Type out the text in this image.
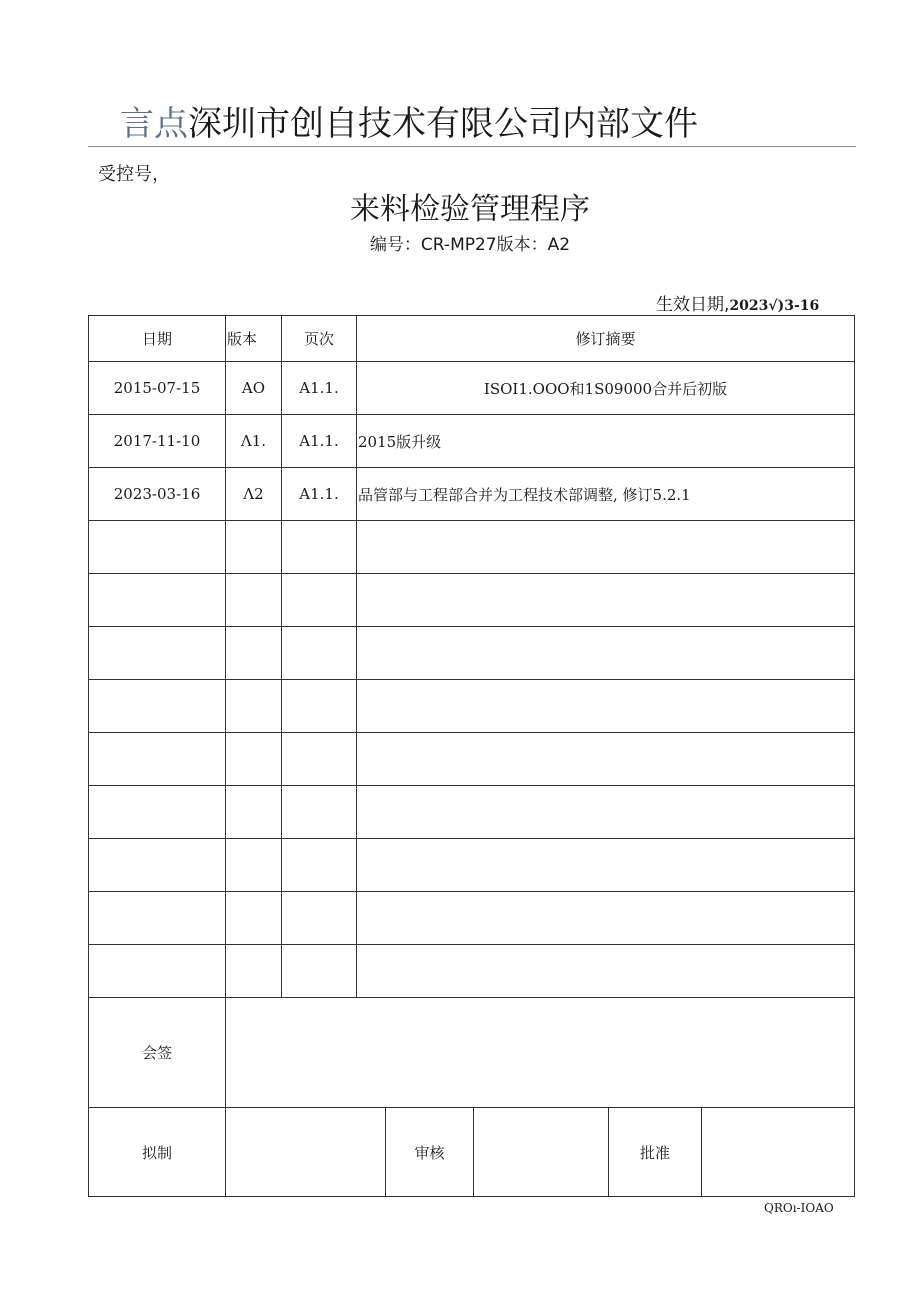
言点深圳市创自技术有限公司内部文件
受控号，
来料检验管理程序
编号：CR-MP27版本：A2
生效日期,2023√)3-16
日期	版本	页次	修订摘要				
2015-07-15	AO	A1.1.	ISOI1.OOO和1S09000合并后初版				
2017-11-10	Λ1.	A1.1.	2015版升级				
2023-03-16	Λ2	A1.1.	品管部与工程部合并为工程技术部调整, 修订5.2.1				

会签							
拟制				审核		批准	
QROı-IOAO
